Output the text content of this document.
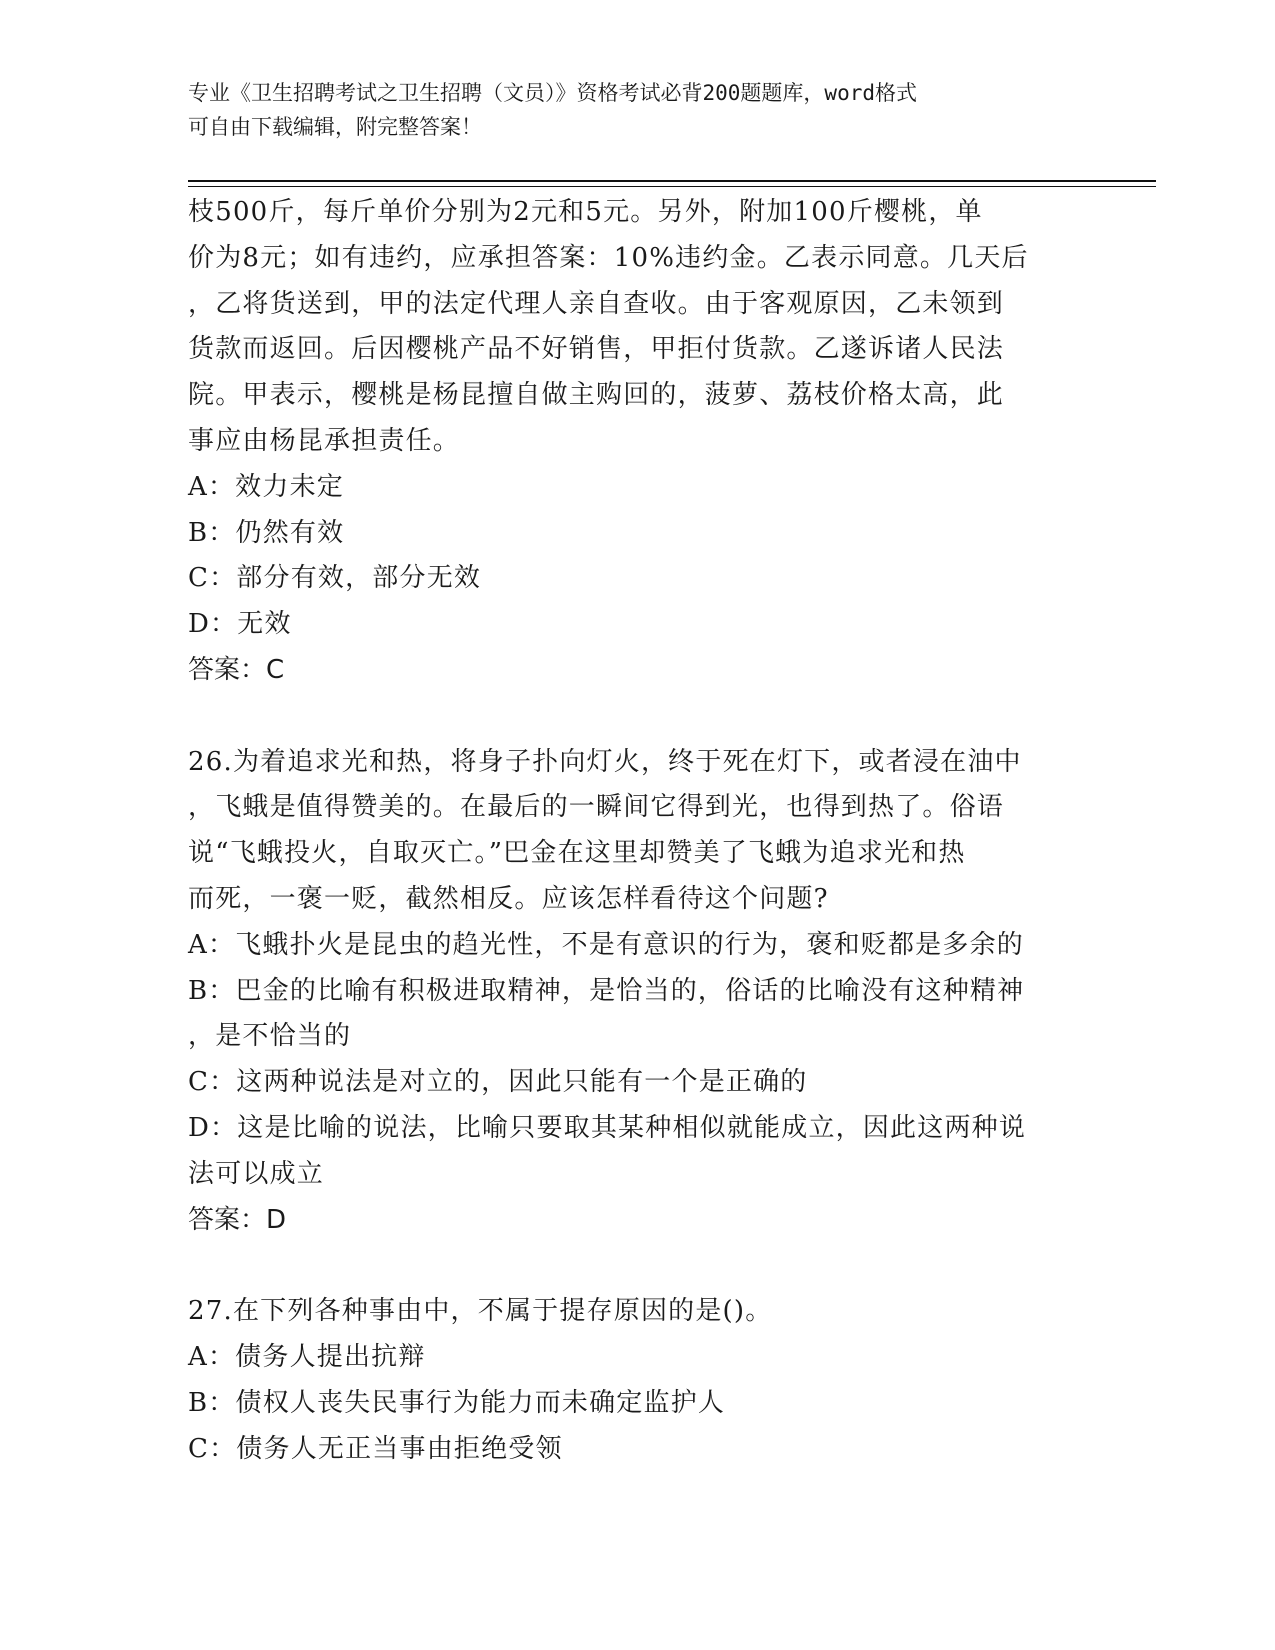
专业《卫生招聘考试之卫生招聘（文员）》资格考试必背200题题库，word格式
可自由下载编辑，附完整答案！
枝500斤，每斤单价分别为2元和5元。另外，附加100斤樱桃，单
价为8元；如有违约，应承担答案：10%违约金。乙表示同意。几天后
，乙将货送到，甲的法定代理人亲自查收。由于客观原因，乙未领到
货款而返回。后因樱桃产品不好销售，甲拒付货款。乙遂诉诸人民法
院。甲表示，樱桃是杨昆擅自做主购回的，菠萝、荔枝价格太高，此
事应由杨昆承担责任。
A：效力未定
B：仍然有效
C：部分有效，部分无效
D：无效
答案：C
26.为着追求光和热，将身子扑向灯火，终于死在灯下，或者浸在油中
，飞蛾是值得赞美的。在最后的一瞬间它得到光，也得到热了。俗语
说“飞蛾投火，自取灭亡。”巴金在这里却赞美了飞蛾为追求光和热
而死，一褒一贬，截然相反。应该怎样看待这个问题?
A：飞蛾扑火是昆虫的趋光性，不是有意识的行为，褒和贬都是多余的
B：巴金的比喻有积极进取精神，是恰当的，俗话的比喻没有这种精神
，是不恰当的
C：这两种说法是对立的，因此只能有一个是正确的
D：这是比喻的说法，比喻只要取其某种相似就能成立，因此这两种说
法可以成立
答案：D
27.在下列各种事由中，不属于提存原因的是()。
A：债务人提出抗辩
B：债权人丧失民事行为能力而未确定监护人
C：债务人无正当事由拒绝受领
